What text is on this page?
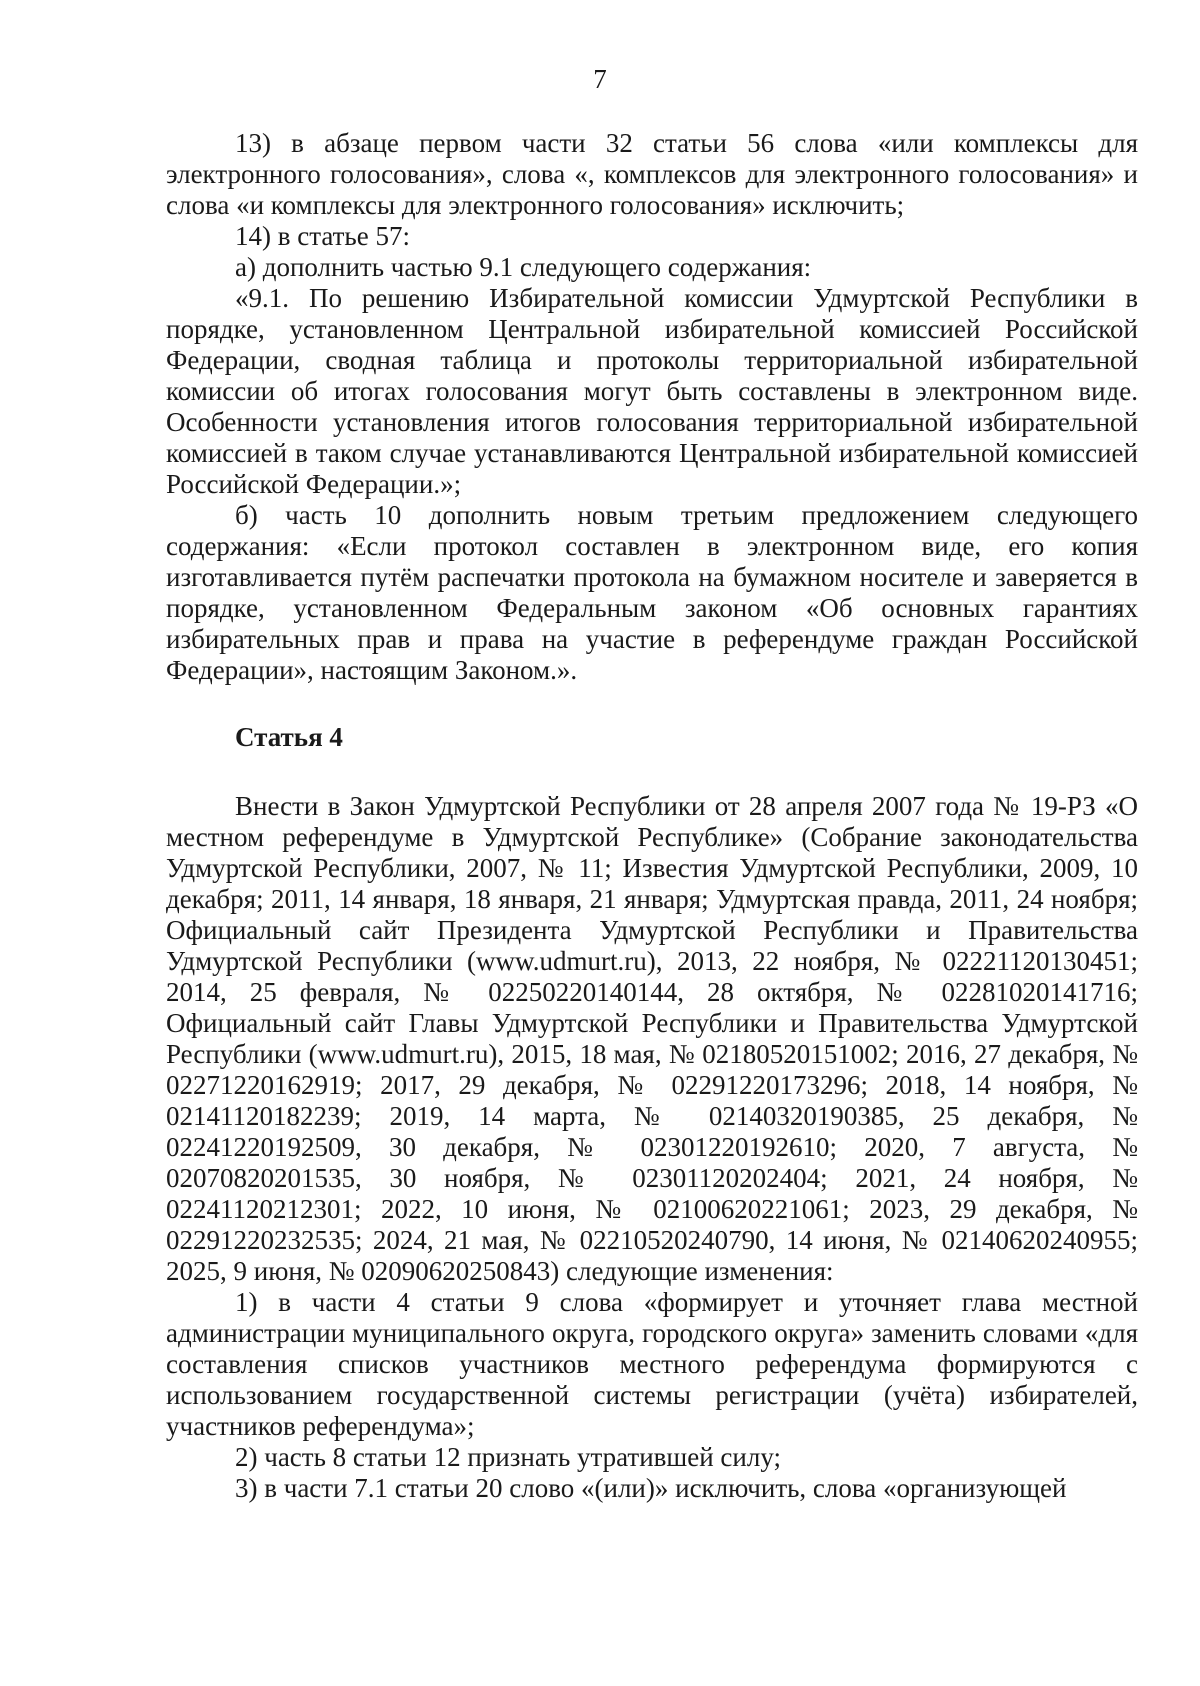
7

13) в абзаце первом части 32 статьи 56 слова «или комплексы для электронного голосования», слова «, комплексов для электронного голосования» и слова «и комплексы для электронного голосования» исключить;

14) в статье 57:

а) дополнить частью 9.1 следующего содержания:

«9.1. По решению Избирательной комиссии Удмуртской Республики в порядке, установленном Центральной избирательной комиссией Российской Федерации, сводная таблица и протоколы территориальной избирательной комиссии об итогах голосования могут быть составлены в электронном виде. Особенности установления итогов голосования территориальной избирательной комиссией в таком случае устанавливаются Центральной избирательной комиссией Российской Федерации.»;

б) часть 10 дополнить новым третьим предложением следующего содержания: «Если протокол составлен в электронном виде, его копия изготавливается путём распечатки протокола на бумажном носителе и заверяется в порядке, установленном Федеральным законом «Об основных гарантиях избирательных прав и права на участие в референдуме граждан Российской Федерации», настоящим Законом.».

Статья 4

Внести в Закон Удмуртской Республики от 28 апреля 2007 года № 19-РЗ «О местном референдуме в Удмуртской Республике» (Собрание законодательства Удмуртской Республики, 2007, № 11; Известия Удмуртской Республики, 2009, 10 декабря; 2011, 14 января, 18 января, 21 января; Удмуртская правда, 2011, 24 ноября; Официальный сайт Президента Удмуртской Республики и Правительства Удмуртской Республики (www.udmurt.ru), 2013, 22 ноября, № 02221120130451; 2014, 25 февраля, № 02250220140144, 28 октября, № 02281020141716; Официальный сайт Главы Удмуртской Республики и Правительства Удмуртской Республики (www.udmurt.ru), 2015, 18 мая, № 02180520151002; 2016, 27 декабря, № 02271220162919; 2017, 29 декабря, № 02291220173296; 2018, 14 ноября, № 02141120182239; 2019, 14 марта, № 02140320190385, 25 декабря, № 02241220192509, 30 декабря, № 02301220192610; 2020, 7 августа, № 02070820201535, 30 ноября, № 02301120202404; 2021, 24 ноября, № 02241120212301; 2022, 10 июня, № 02100620221061; 2023, 29 декабря, № 02291220232535; 2024, 21 мая, № 02210520240790, 14 июня, № 02140620240955; 2025, 9 июня, № 02090620250843) следующие изменения:

1) в части 4 статьи 9 слова «формирует и уточняет глава местной администрации муниципального округа, городского округа» заменить словами «для составления списков участников местного референдума формируются с использованием государственной системы регистрации (учёта) избирателей, участников референдума»;

2) часть 8 статьи 12 признать утратившей силу;

3) в части 7.1 статьи 20 слово «(или)» исключить, слова «организующей
